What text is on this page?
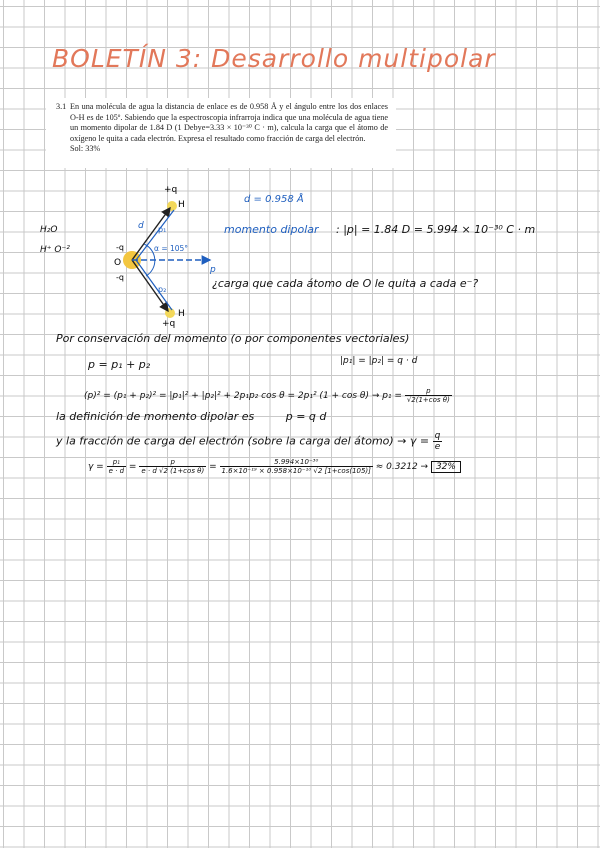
BOLETÍN 3: Desarrollo multipolar
3.1 En una molécula de agua la distancia de enlace es de 0.958 Å y el ángulo entre los dos enlaces O-H es de 105º. Sabiendo que la espectroscopia infrarroja indica que una molécula de agua tiene un momento dipolar de 1.84 D (1 Debye=3.33 × 10⁻³⁰ C · m), calcula la carga que el átomo de oxígeno le quita a cada electrón. Expresa el resultado como fracción de carga del electrón.
Sol: 33%
+q
H
+q
H
O
-q
-q
d p₁
p₂
α = 105°
p
H₂O
H⁺ O⁻²
d = 0.958 Å
momento dipolar : |p| = 1.84 D = 5.994 × 10⁻³⁰ C · m
¿carga que cada átomo de O le quita a cada e⁻?
Por conservación del momento (o por componentes vectoriales)
p = p₁ + p₂	|p₁| = |p₂| = q · d
(p)² = (p₁ + p₂)² = |p₁|² + |p₂|² + 2p₁p₂ cos θ = 2p₁² $(1 + \cos \theta) \to p_1 = \frac{p}{\text{√2(1+cos θ)}}$
la definición de momento dipolar es	p = q d
y la fracción de carga del electrón (sobre la carga del átomo) → $\gamma = \frac{q}{e}$
$\gamma = \frac{\text{p₁}}{e \cdot d} = \frac{p}{\text{e · d √2 (1+cos θ)}} = \frac{\text{5.994×10⁻³⁰}}{\text{1.6×10⁻¹⁹ × 0.958×10⁻¹⁰ √2 [1+cos(105)]}} \approx 0.3212 \to 32\%$
